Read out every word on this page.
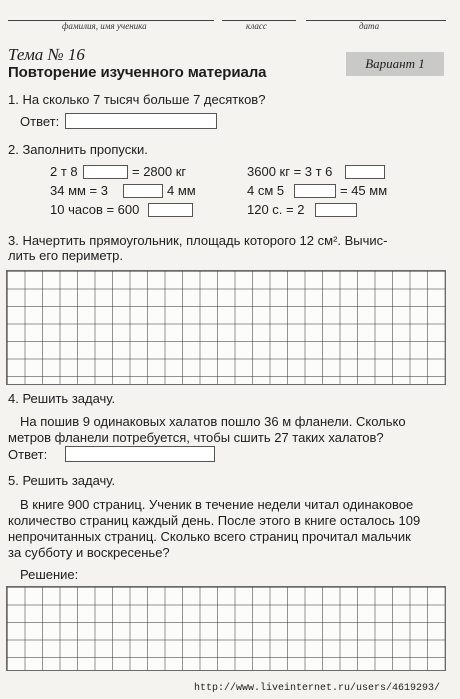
фамилия, имя ученика	класс	дата
Тема № 16
Повторение изученного материала
Вариант 1
1. На сколько 7 тысяч больше 7 десятков?
Ответ:
2. Заполнить пропуски.
2 т 8	= 2800 кг
34 мм = 3	4 мм
10 часов = 600
3600 кг = 3 т 6
4 см 5	= 45 мм
120 с. = 2
3. Начертить прямоугольник, площадь которого 12 см². Вычис-
лить его периметр.
4. Решить задачу.
На пошив 9 одинаковых халатов пошло 36 м фланели. Сколько
метров фланели потребуется, чтобы сшить 27 таких халатов?
Ответ:
5. Решить задачу.
В книге 900 страниц. Ученик в течение недели читал одинаковое
количество страниц каждый день. После этого в книге осталось 109
непрочитанных страниц. Сколько всего страниц прочитал мальчик
за субботу и воскресенье?
Решение:
http://www.liveinternet.ru/users/4619293/
